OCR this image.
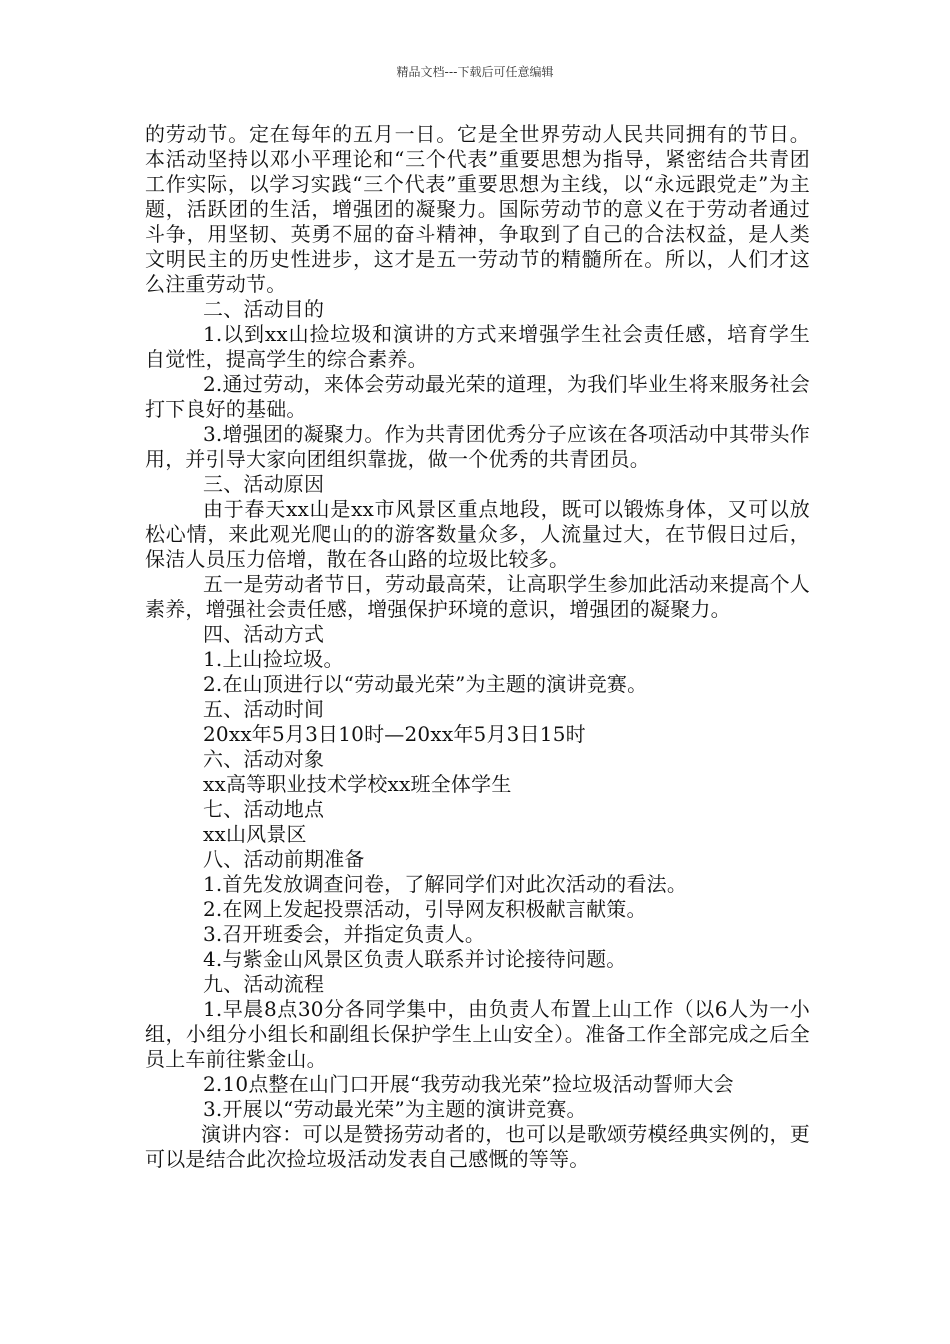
精品文档---下载后可任意编辑

的劳动节。定在每年的五月一日。它是全世界劳动人民共同拥有的节日。本活动坚持以邓小平理论和“三个代表”重要思想为指导，紧密结合共青团工作实际，以学习实践“三个代表”重要思想为主线，以“永远跟党走”为主题，活跃团的生活，增强团的凝聚力。国际劳动节的意义在于劳动者通过斗争，用坚韧、英勇不屈的奋斗精神，争取到了自己的合法权益，是人类文明民主的历史性进步，这才是五一劳动节的精髓所在。所以，人们才这么注重劳动节。

二、活动目的

1.以到xx山捡垃圾和演讲的方式来增强学生社会责任感，培育学生自觉性，提高学生的综合素养。

2.通过劳动，来体会劳动最光荣的道理，为我们毕业生将来服务社会打下良好的基础。

3.增强团的凝聚力。作为共青团优秀分子应该在各项活动中其带头作用，并引导大家向团组织靠拢，做一个优秀的共青团员。

三、活动原因

由于春天xx山是xx市风景区重点地段，既可以锻炼身体，又可以放松心情，来此观光爬山的的游客数量众多，人流量过大，在节假日过后，保洁人员压力倍增，散在各山路的垃圾比较多。

五一是劳动者节日，劳动最高荣，让高职学生参加此活动来提高个人素养，增强社会责任感，增强保护环境的意识，增强团的凝聚力。

四、活动方式

1.上山捡垃圾。

2.在山顶进行以“劳动最光荣”为主题的演讲竞赛。

五、活动时间

20xx年5月3日10时—20xx年5月3日15时

六、活动对象

xx高等职业技术学校xx班全体学生

七、活动地点

xx山风景区

八、活动前期准备

1.首先发放调查问卷，了解同学们对此次活动的看法。

2.在网上发起投票活动，引导网友积极献言献策。

3.召开班委会，并指定负责人。

4.与紫金山风景区负责人联系并讨论接待问题。

九、活动流程

1.早晨8点30分各同学集中，由负责人布置上山工作（以6人为一小组，小组分小组长和副组长保护学生上山安全）。准备工作全部完成之后全员上车前往紫金山。

2.10点整在山门口开展“我劳动我光荣”捡垃圾活动誓师大会

3.开展以“劳动最光荣”为主题的演讲竞赛。

演讲内容：可以是赞扬劳动者的，也可以是歌颂劳模经典实例的，更可以是结合此次捡垃圾活动发表自己感慨的等等。
